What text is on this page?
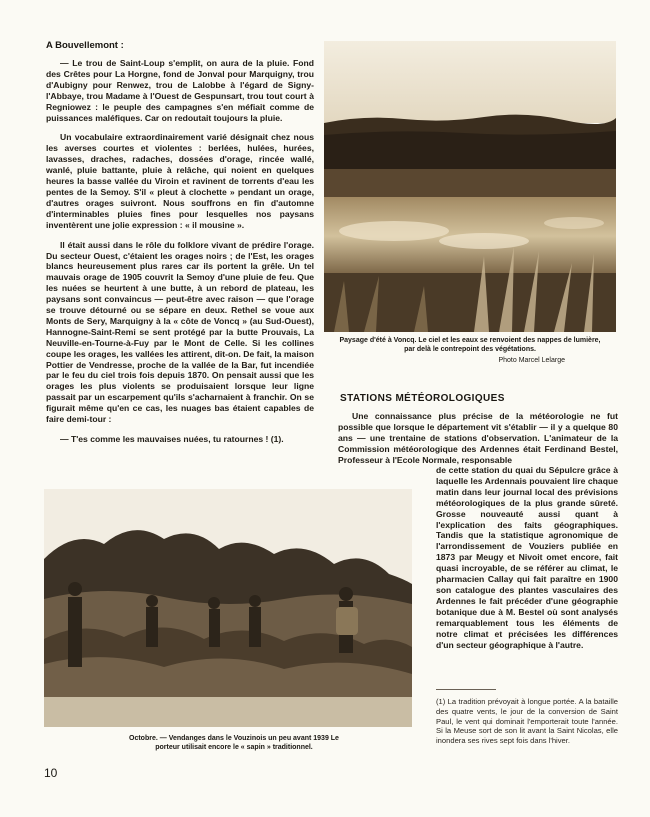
A Bouvellemont :

— Le trou de Saint-Loup s'emplit, on aura de la pluie. Fond des Crêtes pour La Horgne, fond de Jonval pour Marquigny, trou d'Aubigny pour Renwez, trou de Lalobbe à l'égard de Signy-l'Abbaye, trou Madame à l'Ouest de Gespunsart, trou tout court à Regniowez : le peuple des campagnes s'en méfiait comme de puissances maléfiques. Car on redoutait toujours la pluie.

Un vocabulaire extraordinairement varié désignait chez nous les averses courtes et violentes : berlées, hulées, hurées, lavasses, draches, radaches, dossées d'orage, rincée wallé, wanlé, pluie battante, pluie à relâche, qui noient en quelques heures la basse vallée du Viroin et ravinent de torrents d'eau les pentes de la Semoy. S'il « pleut à clochette » pendant un orage, d'autres orages suivront. Nous souffrons en fin d'automne d'interminables pluies fines pour lesquelles nos paysans inventèrent une jolie expression : « il mousine ».

Il était aussi dans le rôle du folklore vivant de prédire l'orage. Du secteur Ouest, c'étaient les orages noirs ; de l'Est, les orages blancs heureusement plus rares car ils portent la grêle. Un tel mauvais orage de 1905 couvrit la Semoy d'une pluie de feu. Que les nuées se heurtent à une butte, à un rebord de plateau, les paysans sont convaincus — peut-être avec raison — que l'orage se trouve détourné ou se sépare en deux. Rethel se voue aux Monts de Sery, Marquigny à la « côte de Voncq » (au Sud-Ouest), Hannogne-Saint-Remi se sent protégé par la butte Prouvais, La Neuville-en-Tourne-à-Fuy par le Mont de Celle. Si les collines coupe les orages, les vallées les attirent, dit-on. De fait, la maison Pottier de Vendresse, proche de la vallée de la Bar, fut incendiée par le feu du ciel trois fois depuis 1870. On pensait aussi que les orages les plus violents se produisaient lorsque leur ligne passait par un escarpement qu'ils s'acharnaient à franchir. On se figurait même qu'en ce cas, les nuages bas étaient capables de faire demi-tour :

— T'es comme les mauvaises nuées, tu ratournes ! (1).

Paysage d'été à Voncq. Le ciel et les eaux se renvoient des nappes de lumière, par delà le contrepoint des végétations.
Photo Marcel Lelarge
STATIONS MÉTÉOROLOGIQUES

Une connaissance plus précise de la météorologie ne fut possible que lorsque le département vit s'établir — il y a quelque 80 ans — une trentaine de stations d'observation. L'animateur de la Commission météorologique des Ardennes était Ferdinand Bestel, Professeur à l'Ecole Normale, responsable

de cette station du quai du Sépulcre grâce à laquelle les Ardennais pouvaient lire chaque matin dans leur journal local des prévisions météorologiques de la plus grande sûreté. Grosse nouveauté aussi quant à l'explication des faits géographiques. Tandis que la statistique agronomique de l'arrondissement de Vouziers publiée en 1873 par Meugy et Nivoit omet encore, fait quasi incroyable, de se référer au climat, le pharmacien Callay qui fait paraître en 1900 son catalogue des plantes vasculaires des Ardennes le fait précéder d'une géographie botanique due à M. Bestel où sont analysés remarquablement tous les éléments de notre climat et précisées les différences d'un secteur géographique à l'autre.

Octobre. — Vendanges dans le Vouzinois un peu avant 1939 Le porteur utilisait encore le « sapin » traditionnel.
(1) La tradition prévoyait à longue portée. A la bataille des quatre vents, le jour de la conversion de Saint Paul, le vent qui dominait l'emporterait toute l'année. Si la Meuse sort de son lit avant la Saint Nicolas, elle inondera ses rives sept fois dans l'hiver.
10
